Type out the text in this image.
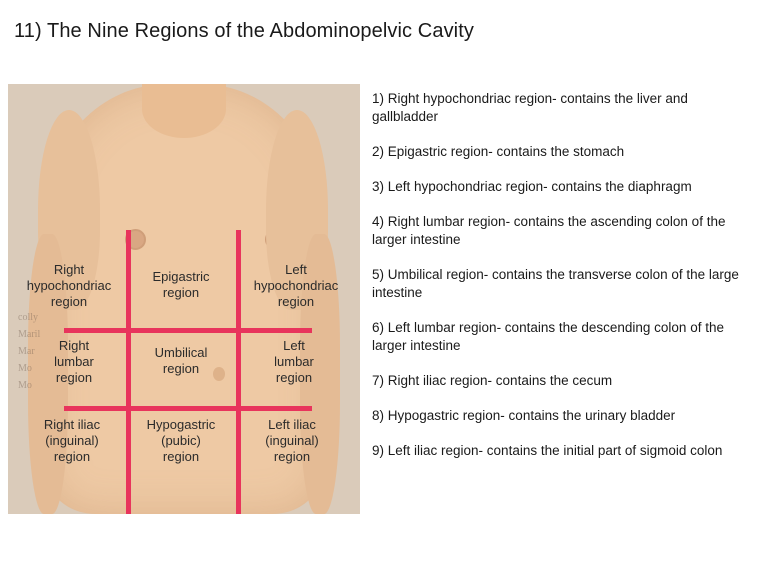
11) The Nine Regions of the Abdominopelvic Cavity
colly
Maril
Mar
Mo
Mo
Right
hypochondriac
region
Epigastric
region
Left
hypochondriac
region
Right
lumbar
region
Umbilical
region
Left
lumbar
region
Right iliac
(inguinal)
region
Hypogastric
(pubic)
region
Left iliac
(inguinal)
region
1) Right hypochondriac region- contains the liver and gallbladder
2) Epigastric region- contains the stomach
3) Left hypochondriac region- contains the diaphragm
4) Right lumbar region- contains the ascending colon of the larger intestine
5) Umbilical region- contains the transverse colon of the large intestine
6) Left lumbar region- contains the descending colon of the larger intestine
7) Right iliac region- contains the cecum
8) Hypogastric region- contains the urinary bladder
9) Left iliac region- contains the initial part of sigmoid colon
